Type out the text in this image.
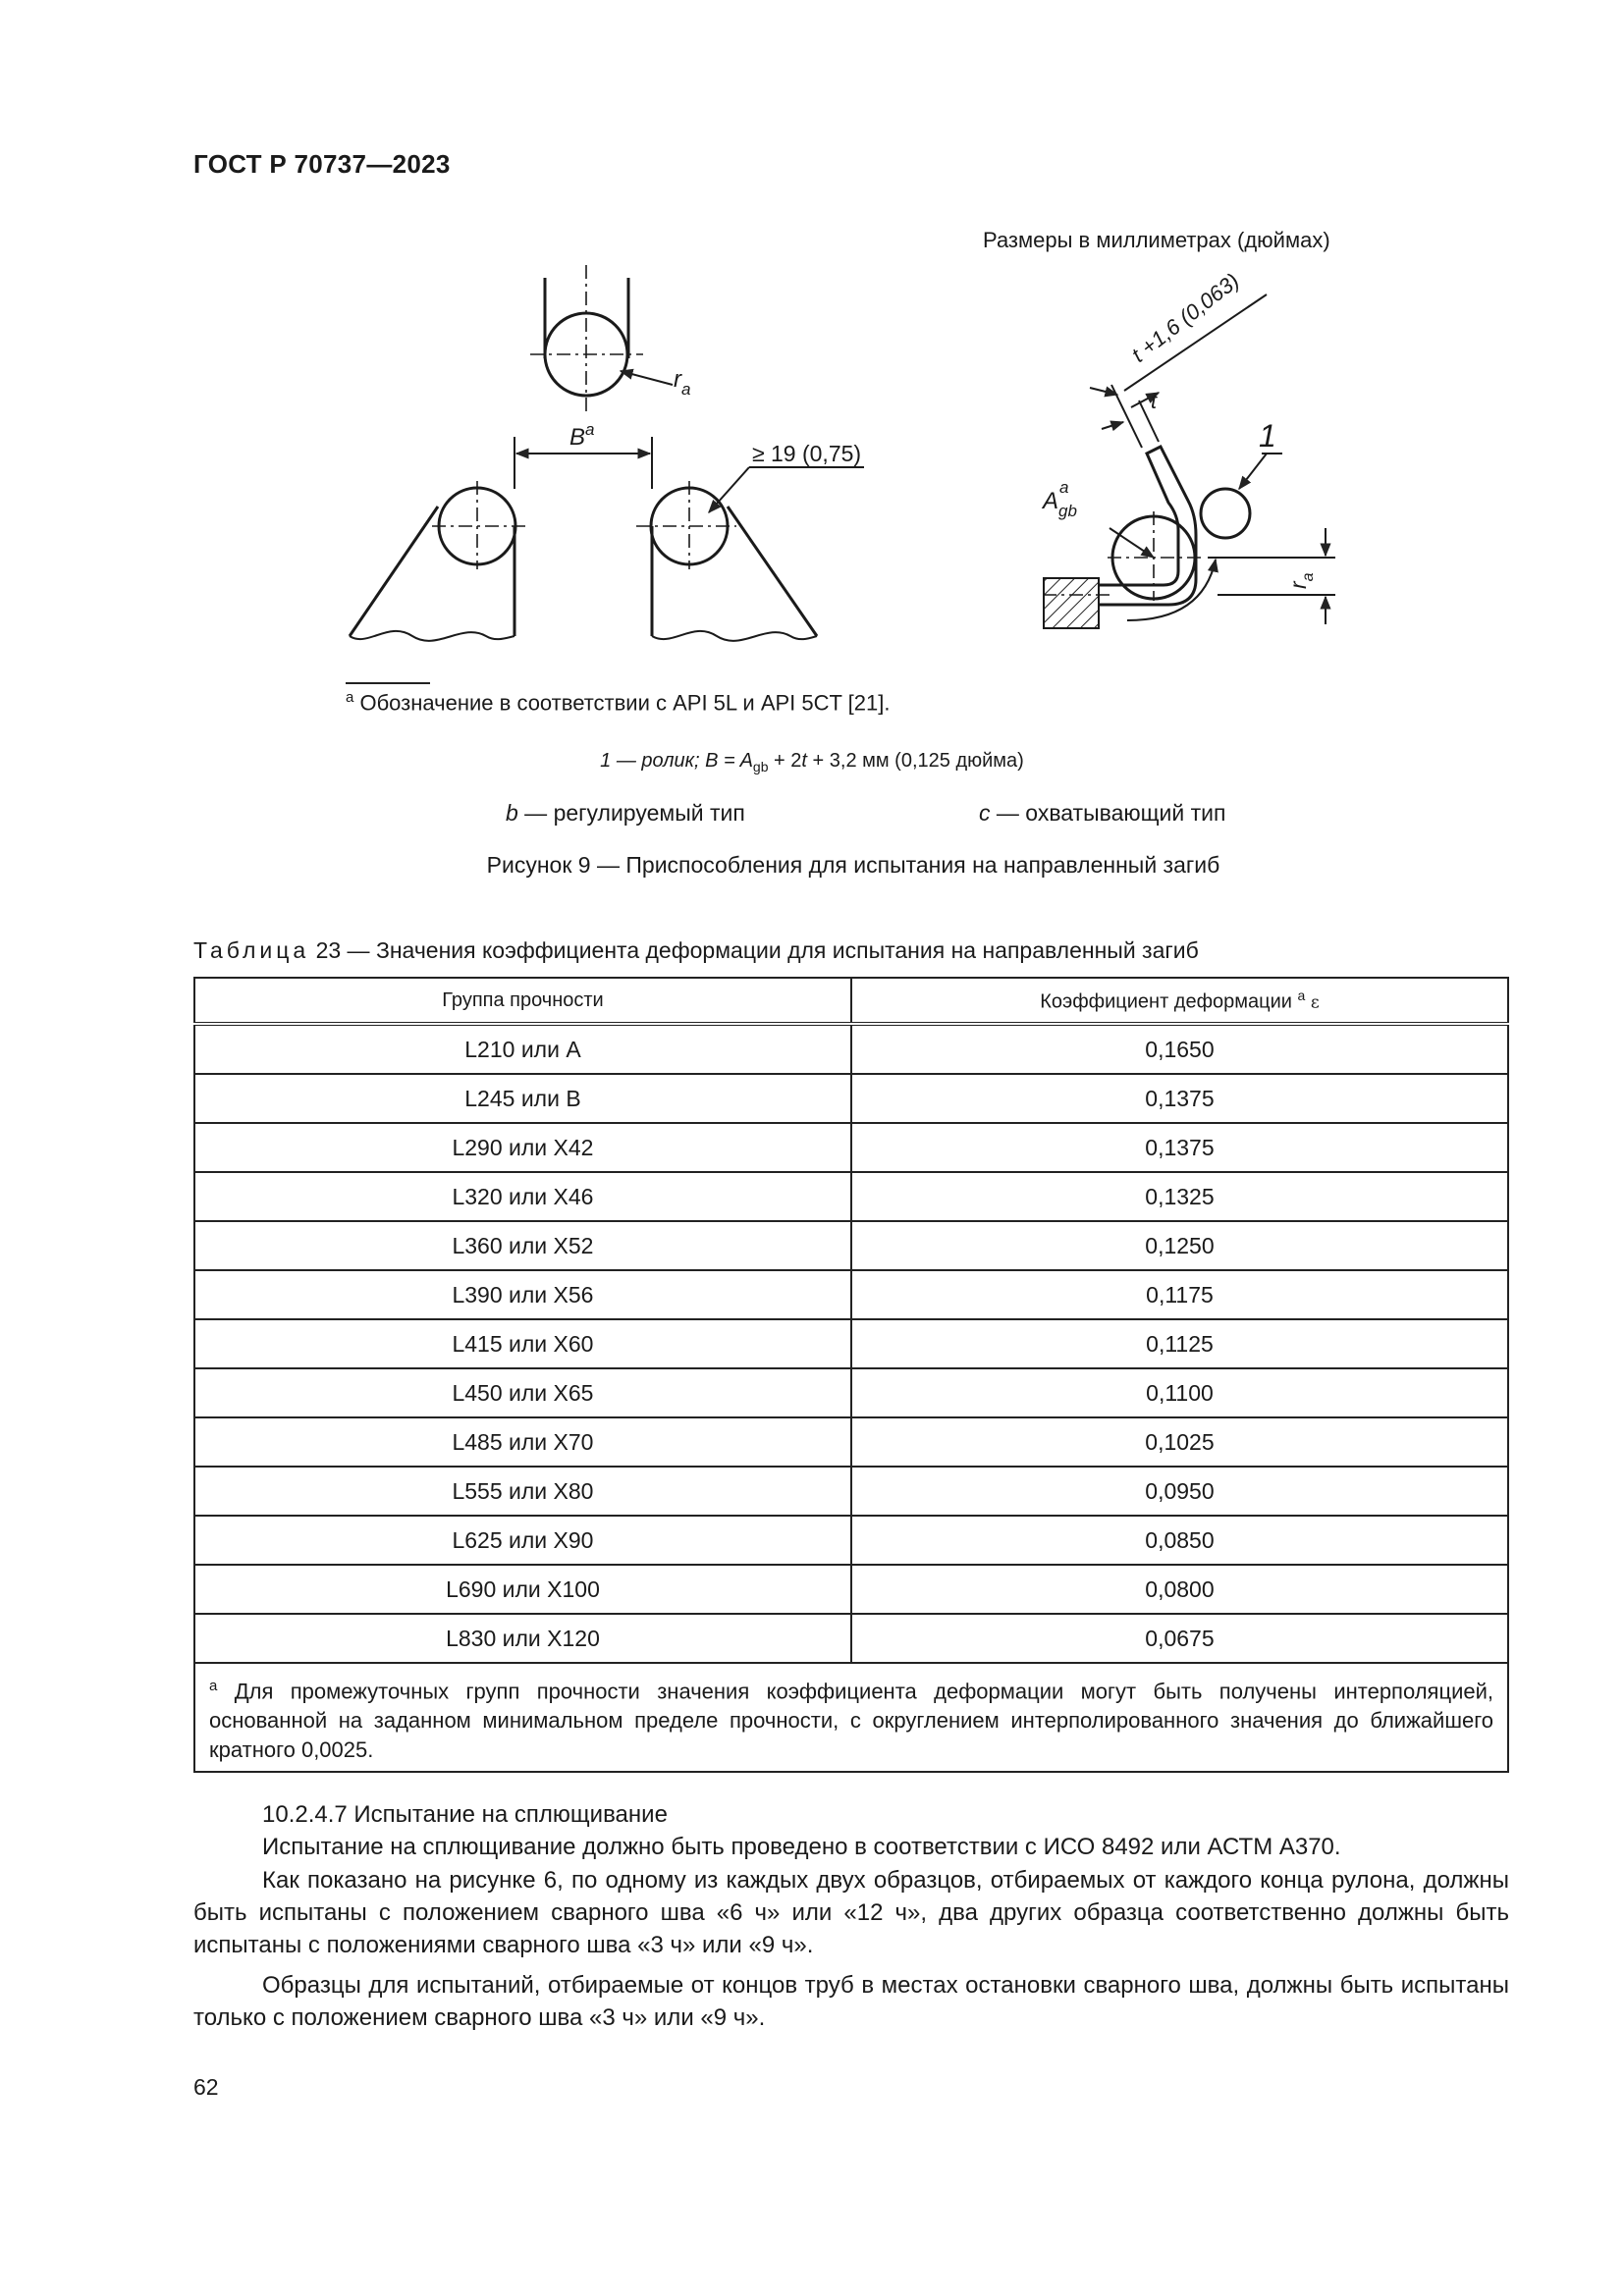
ГОСТ Р 70737—2023
Размеры в миллиметрах (дюймах)
$r_a$
$B^a$
≥ 19 (0,75)
t +1,6 (0,063)
t
1
$A_{gb}a$
$r_a$
$^a$ Обозначение в соответствии с API 5L и API 5CT [21].
1 — ролик; $B = A_{gb} + 2t + 3,2$ мм (0,125 дюйма)
b — регулируемый тип	c — охватывающий тип
Рисунок 9 — Приспособления для испытания на направленный загиб
Таблица 23 — Значения коэффициента деформации для испытания на направленный загиб
Группа прочности	Коэффициент деформации $^a$ ε
L210 или A	0,1650
L245 или B	0,1375
L290 или X42	0,1375
L320 или X46	0,1325
L360 или X52	0,1250
L390 или X56	0,1175
L415 или X60	0,1125
L450 или X65	0,1100
L485 или X70	0,1025
L555 или X80	0,0950
L625 или X90	0,0850
L690 или X100	0,0800
L830 или X120	0,0675
$^a$ Для промежуточных групп прочности значения коэффициента деформации могут быть получены интерполяцией, основанной на заданном минимальном пределе прочности, с округлением интерполированного значения до ближайшего кратного 0,0025.	
10.2.4.7 Испытание на сплющивание
Испытание на сплющивание должно быть проведено в соответствии с ИСО 8492 или АСТМ А370.
Как показано на рисунке 6, по одному из каждых двух образцов, отбираемых от каждого конца рулона, должны быть испытаны с положением сварного шва «6 ч» или «12 ч», два других образца соответственно должны быть испытаны с положениями сварного шва «3 ч» или «9 ч».
Образцы для испытаний, отбираемые от концов труб в местах остановки сварного шва, должны быть испытаны только с положением сварного шва «3 ч» или «9 ч».
62
